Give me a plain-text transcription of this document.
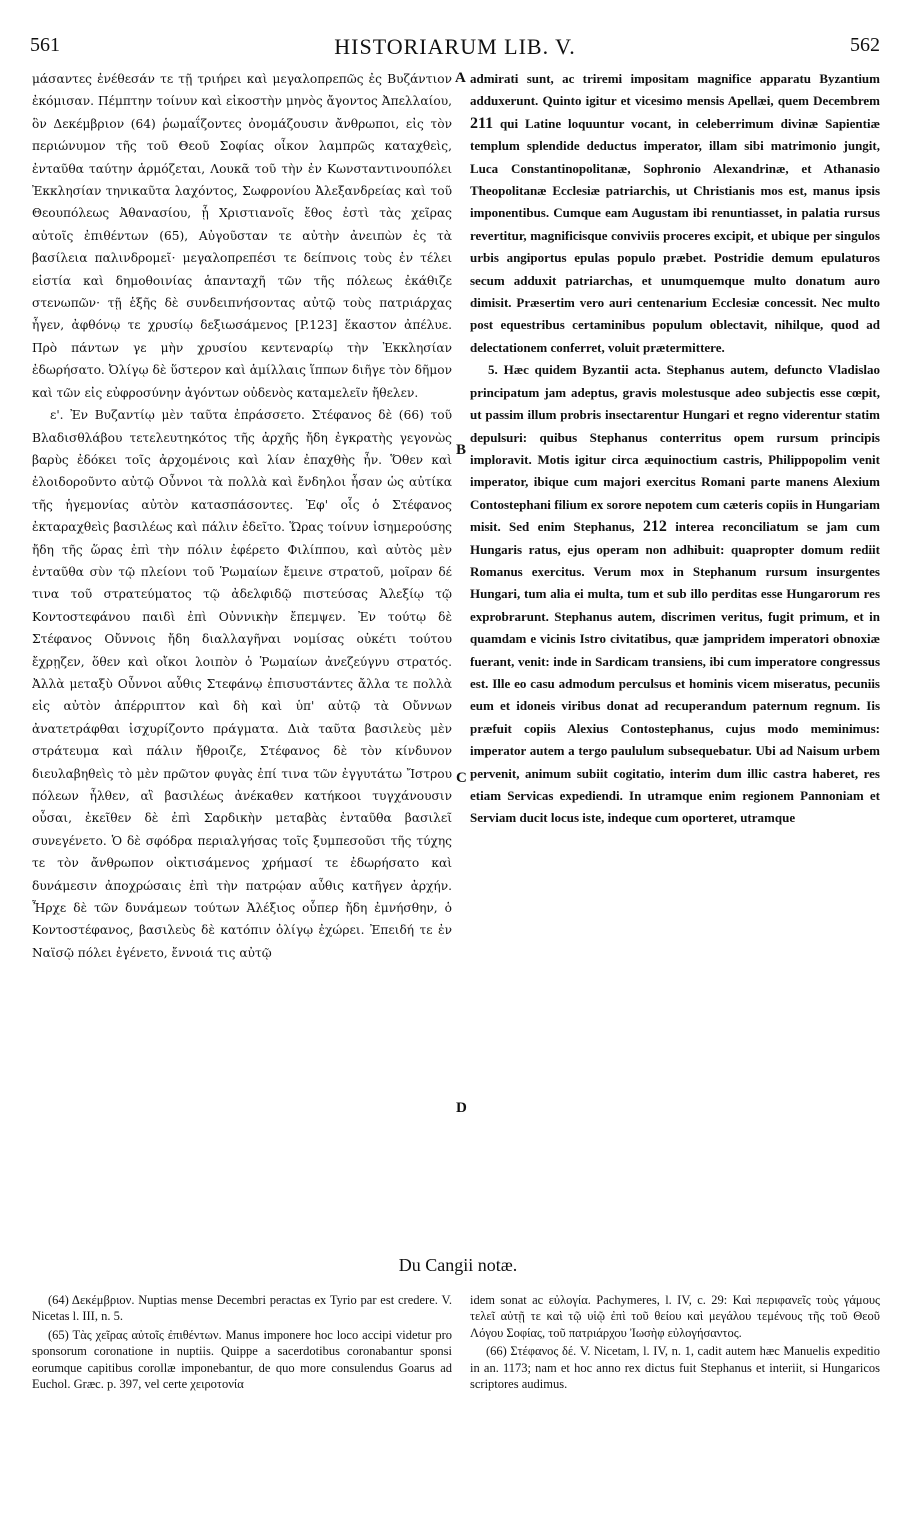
561	HISTORIARUM LIB. V.	562

μάσαντες ἐνέθεσάν τε τῇ τριήρει καὶ μεγαλοπρεπῶς ἐς Βυζάντιον ἐκόμισαν. Πέμπτην τοίνυν καὶ εἰκοστὴν μηνὸς ἄγοντος Ἀπελλαίου, ὃν Δεκέμβριον (64) ῥωμαΐζοντες ὀνομάζουσιν ἄνθρωποι, εἰς τὸν περιώνυμον τῆς τοῦ Θεοῦ Σοφίας οἶκον λαμπρῶς καταχθεὶς, ἐνταῦθα ταύτην ἁρμόζεται, Λουκᾶ τοῦ τὴν ἐν Κωνσταντινουπόλει Ἐκκλησίαν τηνικαῦτα λαχόντος, Σωφρονίου Ἀλεξανδρείας καὶ τοῦ Θεουπόλεως Ἀθανασίου, ᾗ Χριστιανοῖς ἔθος ἐστὶ τὰς χεῖρας αὐτοῖς ἐπιθέντων (65), Αὐγοῦσταν τε αὐτὴν ἀνειπὼν ἐς τὰ βασίλεια παλινδρομεῖ· μεγαλοπρεπέσι τε δείπνοις τοὺς ἐν τέλει εἱστία καὶ δημοθοινίας ἁπανταχῆ τῶν τῆς πόλεως ἐκάθιζε στενωπῶν· τῇ ἑξῆς δὲ συνδειπνήσοντας αὐτῷ τοὺς πατριάρχας ἦγεν, ἀφθόνῳ τε χρυσίῳ δεξιωσάμενος [P.123] ἕκαστον ἀπέλυε. Πρὸ πάντων γε μὴν χρυσίου κεντεναρίῳ τὴν Ἐκκλησίαν ἐδωρήσατο. Ὀλίγῳ δὲ ὕστερον καὶ ἁμίλλαις ἵππων διῆγε τὸν δῆμον καὶ τῶν εἰς εὐφροσύνην ἀγόντων οὐδενὸς καταμελεῖν ἤθελεν.

ε'. Ἐν Βυζαντίῳ μὲν ταῦτα ἐπράσσετο. Στέφανος δὲ (66) τοῦ Βλαδισθλάβου τετελευτηκότος τῆς ἀρχῆς ἤδη ἐγκρατὴς γεγονὼς βαρὺς ἐδόκει τοῖς ἀρχομένοις καὶ λίαν ἐπαχθὴς ἦν. Ὅθεν καὶ ἐλοιδοροῦντο αὐτῷ Οὖννοι τὰ πολλὰ καὶ ἔνδηλοι ἦσαν ὡς αὐτίκα τῆς ἡγεμονίας αὐτὸν κατασπάσοντες. Ἐφ' οἷς ὁ Στέφανος ἐκταραχθεὶς βασιλέως καὶ πάλιν ἐδεῖτο. Ὥρας τοίνυν ἰσημερούσης ἤδη τῆς ὥρας ἐπὶ τὴν πόλιν ἐφέρετο Φιλίππου, καὶ αὐτὸς μὲν ἐνταῦθα σὺν τῷ πλείονι τοῦ Ῥωμαίων ἔμεινε στρατοῦ, μοῖραν δέ τινα τοῦ στρατεύματος τῷ ἀδελφιδῷ πιστεύσας Ἀλεξίῳ τῷ Κοντοστεφάνου παιδὶ ἐπὶ Οὐννικὴν ἔπεμψεν. Ἐν τούτῳ δὲ Στέφανος Οὔννοις ἤδη διαλλαγῆναι νομίσας οὐκέτι τούτου ἔχρῃζεν, ὅθεν καὶ οἴκοι λοιπὸν ὁ Ῥωμαίων ἀνεζεύγνυ στρατός. Ἀλλὰ μεταξὺ Οὖννοι αὖθις Στεφάνῳ ἐπισυστάντες ἄλλα τε πολλὰ εἰς αὐτὸν ἀπέρριπτον καὶ δὴ καὶ ὑπ' αὐτῷ τὰ Οὔννων ἀνατετράφθαι ἰσχυρίζοντο πράγματα. Διὰ ταῦτα βασιλεὺς μὲν στράτευμα καὶ πάλιν ἤθροιζε, Στέφανος δὲ τὸν κίνδυνον διευλαβηθεὶς τὸ μὲν πρῶτον φυγὰς ἐπί τινα τῶν ἐγγυτάτω Ἴστρου πόλεων ἦλθεν, αἳ βασιλέως ἀνέκαθεν κατήκοοι τυγχάνουσιν οὖσαι, ἐκεῖθεν δὲ ἐπὶ Σαρδικὴν μεταβὰς ἐνταῦθα βασιλεῖ συνεγένετο. Ὁ δὲ σφόδρα περιαλγήσας τοῖς ξυμπεσοῦσι τῆς τύχης τε τὸν ἄνθρωπον οἰκτισάμενος χρήμασί τε ἐδωρήσατο καὶ δυνάμεσιν ἀποχρώσαις ἐπὶ τὴν πατρῴαν αὖθις κατῆγεν ἀρχήν. Ἦρχε δὲ τῶν δυνάμεων τούτων Ἀλέξιος οὗπερ ἤδη ἐμνήσθην, ὁ Κοντοστέφανος, βασιλεὺς δὲ κατόπιν ὀλίγῳ ἐχώρει. Ἐπειδή τε ἐν Ναϊσῷ πόλει ἐγένετο, ἔννοιά τις αὐτῷ

A
B
C
D

admirati sunt, ac triremi impositam magnifice apparatu Byzantium adduxerunt. Quinto igitur et vicesimo mensis Apellæi, quem Decembrem 211 qui Latine loquuntur vocant, in celeberrimum divinæ Sapientiæ templum splendide deductus imperator, illam sibi matrimonio jungit, Luca Constantinopolitanæ, Sophronio Alexandrinæ, et Athanasio Theopolitanæ Ecclesiæ patriarchis, ut Christianis mos est, manus ipsis imponentibus. Cumque eam Augustam ibi renuntiasset, in palatia rursus revertitur, magnificisque conviviis proceres excipit, et ubique per singulos urbis angiportus epulas populo præbet. Postridie demum epulaturos secum adduxit patriarchas, et unumquemque multo donatum auro dimisit. Præsertim vero auri centenarium Ecclesiæ concessit. Nec multo post equestribus certaminibus populum oblectavit, nihilque, quod ad delectationem conferret, voluit prætermittere.

5. Hæc quidem Byzantii acta. Stephanus autem, defuncto Vladislao principatum jam adeptus, gravis molestusque adeo subjectis esse cœpit, ut passim illum probris insectarentur Hungari et regno viderentur statim depulsuri: quibus Stephanus conterritus opem rursum principis imploravit. Motis igitur circa æquinoctium castris, Philippopolim venit imperator, ibique cum majori exercitus Romani parte manens Alexium Contostephani filium ex sorore nepotem cum cæteris copiis in Hungariam misit. Sed enim Stephanus, 212 interea reconciliatum se jam cum Hungaris ratus, ejus operam non adhibuit: quapropter domum rediit Romanus exercitus. Verum mox in Stephanum rursum insurgentes Hungari, tum alia ei multa, tum et sub illo perditas esse Hungarorum res exprobrarunt. Stephanus autem, discrimen veritus, fugit primum, et in quamdam e vicinis Istro civitatibus, quæ jampridem imperatori obnoxiæ fuerant, venit: inde in Sardicam transiens, ibi cum imperatore congressus est. Ille eo casu admodum perculsus et hominis vicem miseratus, pecuniis eum et idoneis viribus donat ad recuperandum paternum regnum. Iis præfuit copiis Alexius Contostephanus, cujus modo meminimus: imperator autem a tergo paululum subsequebatur. Ubi ad Naisum urbem pervenit, animum subiit cogitatio, interim dum illic castra haberet, res etiam Servicas expediendi. In utramque enim regionem Pannoniam et Serviam ducit locus iste, indeque cum oporteret, utramque

Du Cangii notæ.

(64) Δεκέμβριον. Nuptias mense Decembri peractas ex Tyrio par est credere. V. Nicetas l. III, n. 5.

(65) Τὰς χεῖρας αὐτοῖς ἐπιθέντων. Manus imponere hoc loco accipi videtur pro sponsorum coronatione in nuptiis. Quippe a sacerdotibus coronabantur sponsi eorumque capitibus corollæ imponebantur, de quo more consulendus Goarus ad Euchol. Græc. p. 397, vel certe χειροτονία

idem sonat ac εὐλογία. Pachymeres, l. IV, c. 29: Καὶ περιφανεῖς τοὺς γάμους τελεῖ αὐτῇ τε καὶ τῷ υἱῷ ἐπὶ τοῦ θείου καὶ μεγάλου τεμένους τῆς τοῦ Θεοῦ Λόγου Σοφίας, τοῦ πατριάρχου Ἰωσὴφ εὐλογήσαντος.

(66) Στέφανος δέ. V. Nicetam, l. IV, n. 1, cadit autem hæc Manuelis expeditio in an. 1173; nam et hoc anno rex dictus fuit Stephanus et interiit, si Hungaricos scriptores audimus.
